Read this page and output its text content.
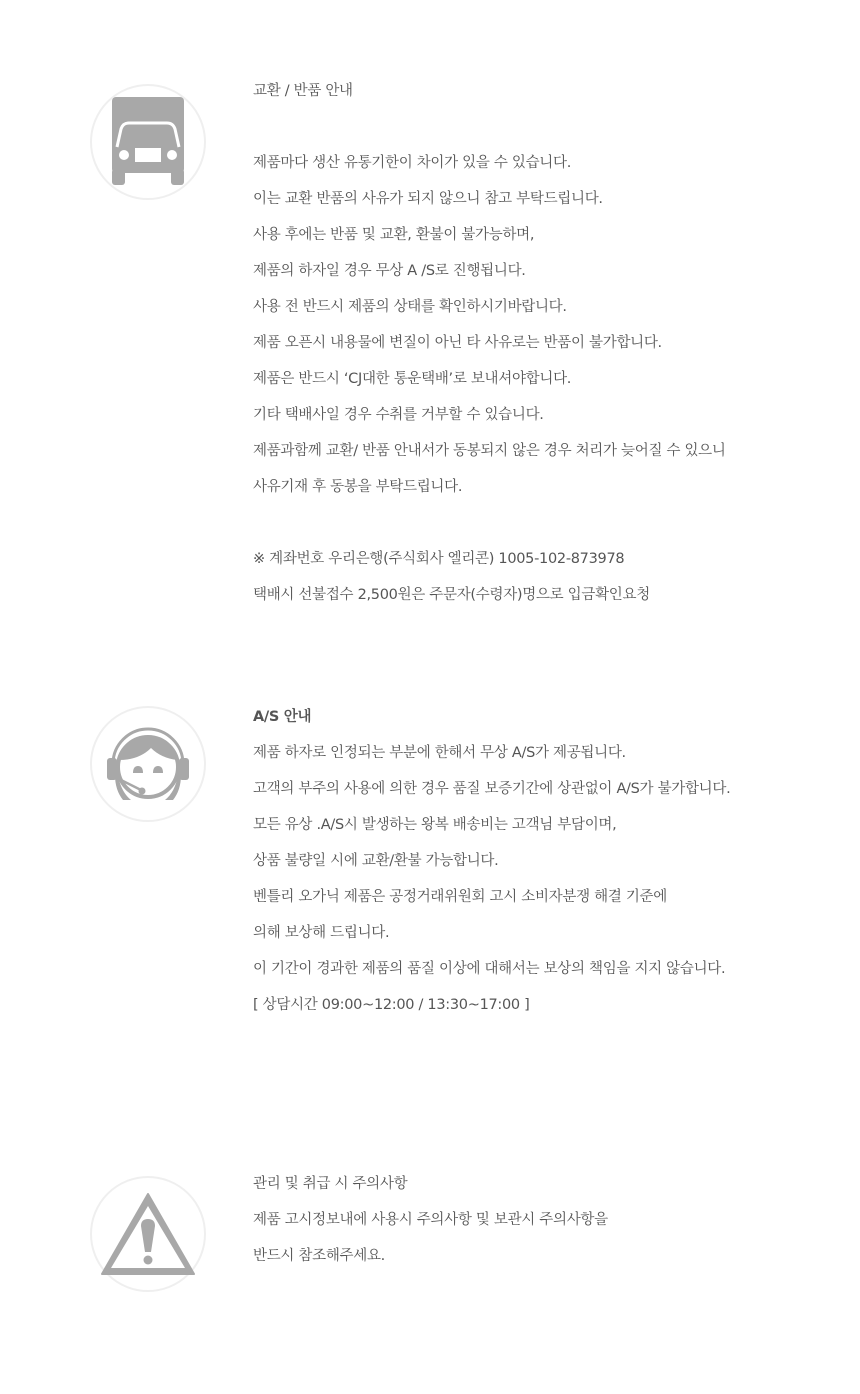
교환 / 반품 안내
제품마다 생산 유통기한이 차이가 있을 수 있습니다.
이는 교환 반품의 사유가 되지 않으니 참고 부탁드립니다.
사용 후에는 반품 및 교환, 환불이 불가능하며,
제품의 하자일 경우 무상 A /S로 진행됩니다.
사용 전 반드시 제품의 상태를 확인하시기바랍니다.
제품 오픈시 내용물에 변질이 아닌 타 사유로는 반품이 불가합니다.
제품은 반드시 ‘CJ대한 통운택배’로 보내셔야합니다.
기타 택배사일 경우 수취를 거부할 수 있습니다.
제품과함께 교환/ 반품 안내서가 동봉되지 않은 경우 처리가 늦어질 수 있으니
사유기재 후 동봉을 부탁드립니다.
※ 계좌번호 우리은행(주식회사 엘리콘) 1005-102-873978
택배시 선불접수 2,500원은 주문자(수령자)명으로 입금확인요청
A/S 안내
제품 하자로 인정되는 부분에 한해서 무상 A/S가 제공됩니다.
고객의 부주의 사용에 의한 경우 품질 보증기간에 상관없이 A/S가 불가합니다.
모든 유상 .A/S시 발생하는 왕복 배송비는 고객님 부담이며,
상품 불량일 시에 교환/환불 가능합니다.
벤틀리 오가닉 제품은 공정거래위원회 고시 소비자분쟁 해결 기준에
의해 보상해 드립니다.
이 기간이 경과한 제품의 품질 이상에 대해서는 보상의 책임을 지지 않습니다.
[ 상담시간 09:00~12:00 / 13:30~17:00 ]
관리 및 취급 시 주의사항
제품 고시정보내에 사용시 주의사항 및 보관시 주의사항을
반드시 참조해주세요.
